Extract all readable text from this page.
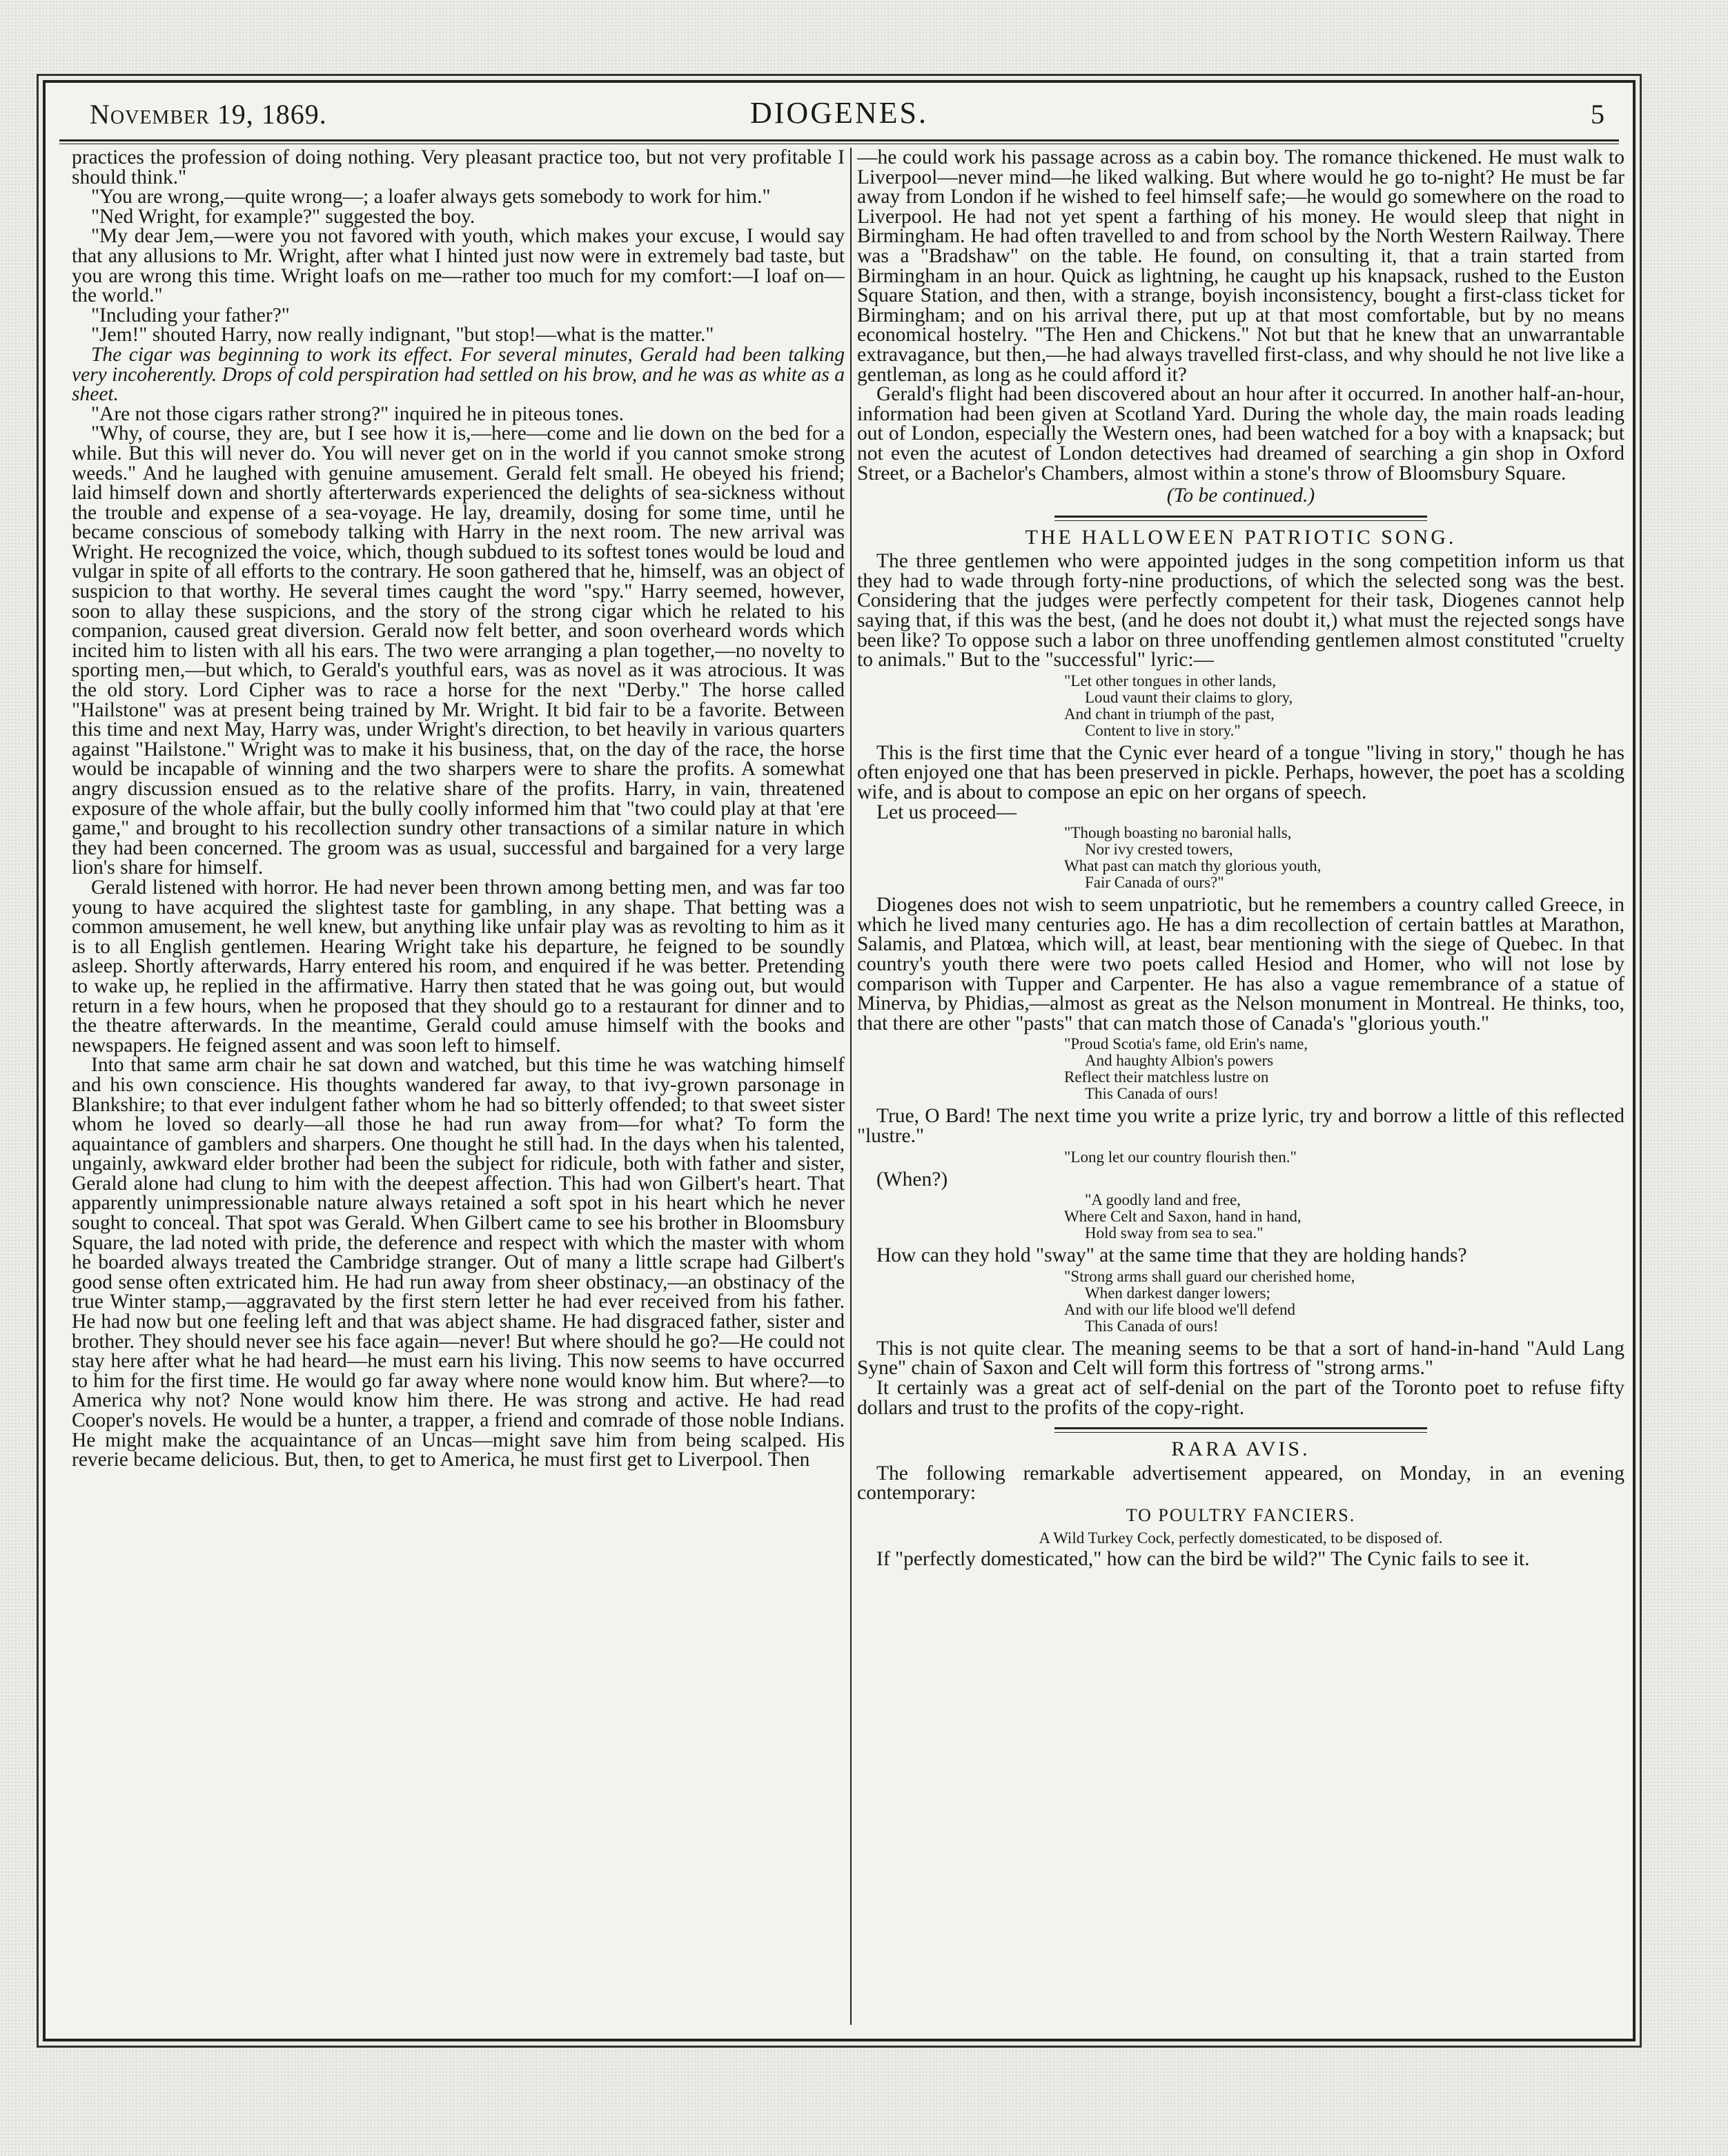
November 19, 1869.	DIOGENES.	5

practices the profession of doing nothing. Very pleasant practice too, but not very profitable I should think."

"You are wrong,—quite wrong—; a loafer always gets somebody to work for him."

"Ned Wright, for example?" suggested the boy.

"My dear Jem,—were you not favored with youth, which makes your excuse, I would say that any allusions to Mr. Wright, after what I hinted just now were in extremely bad taste, but you are wrong this time. Wright loafs on me—rather too much for my comfort:—I loaf on—the world."

"Including your father?"

"Jem!" shouted Harry, now really indignant, "but stop!—what is the matter."

The cigar was beginning to work its effect. For several minutes, Gerald had been talking very incoherently. Drops of cold perspiration had settled on his brow, and he was as white as a sheet.

"Are not those cigars rather strong?" inquired he in piteous tones.

"Why, of course, they are, but I see how it is,—here—come and lie down on the bed for a while. But this will never do. You will never get on in the world if you cannot smoke strong weeds." And he laughed with genuine amusement. Gerald felt small. He obeyed his friend; laid himself down and shortly afterterwards experienced the delights of sea-sickness without the trouble and expense of a sea-voyage. He lay, dreamily, dosing for some time, until he became conscious of somebody talking with Harry in the next room. The new arrival was Wright. He recognized the voice, which, though subdued to its softest tones would be loud and vulgar in spite of all efforts to the contrary. He soon gathered that he, himself, was an object of suspicion to that worthy. He several times caught the word "spy." Harry seemed, however, soon to allay these suspicions, and the story of the strong cigar which he related to his companion, caused great diversion. Gerald now felt better, and soon overheard words which incited him to listen with all his ears. The two were arranging a plan together,—no novelty to sporting men,—but which, to Gerald's youthful ears, was as novel as it was atrocious. It was the old story. Lord Cipher was to race a horse for the next "Derby." The horse called "Hailstone" was at present being trained by Mr. Wright. It bid fair to be a favorite. Between this time and next May, Harry was, under Wright's direction, to bet heavily in various quarters against "Hailstone." Wright was to make it his business, that, on the day of the race, the horse would be incapable of winning and the two sharpers were to share the profits. A somewhat angry discussion ensued as to the relative share of the profits. Harry, in vain, threatened exposure of the whole affair, but the bully coolly informed him that "two could play at that 'ere game," and brought to his recollection sundry other transactions of a similar nature in which they had been concerned. The groom was as usual, successful and bargained for a very large lion's share for himself.

Gerald listened with horror. He had never been thrown among betting men, and was far too young to have acquired the slightest taste for gambling, in any shape. That betting was a common amusement, he well knew, but anything like unfair play was as revolting to him as it is to all English gentlemen. Hearing Wright take his departure, he feigned to be soundly asleep. Shortly afterwards, Harry entered his room, and enquired if he was better. Pretending to wake up, he replied in the affirmative. Harry then stated that he was going out, but would return in a few hours, when he proposed that they should go to a restaurant for dinner and to the theatre afterwards. In the meantime, Gerald could amuse himself with the books and newspapers. He feigned assent and was soon left to himself.

Into that same arm chair he sat down and watched, but this time he was watching himself and his own conscience. His thoughts wandered far away, to that ivy-grown parsonage in Blankshire; to that ever indulgent father whom he had so bitterly offended; to that sweet sister whom he loved so dearly—all those he had run away from—for what? To form the aquaintance of gamblers and sharpers. One thought he still had. In the days when his talented, ungainly, awkward elder brother had been the subject for ridicule, both with father and sister, Gerald alone had clung to him with the deepest affection. This had won Gilbert's heart. That apparently unimpressionable nature always retained a soft spot in his heart which he never sought to conceal. That spot was Gerald. When Gilbert came to see his brother in Bloomsbury Square, the lad noted with pride, the deference and respect with which the master with whom he boarded always treated the Cambridge stranger. Out of many a little scrape had Gilbert's good sense often extricated him. He had run away from sheer obstinacy,—an obstinacy of the true Winter stamp,—aggravated by the first stern letter he had ever received from his father. He had now but one feeling left and that was abject shame. He had disgraced father, sister and brother. They should never see his face again—never! But where should he go?—He could not stay here after what he had heard—he must earn his living. This now seems to have occurred to him for the first time. He would go far away where none would know him. But where?—to America why not? None would know him there. He was strong and active. He had read Cooper's novels. He would be a hunter, a trapper, a friend and comrade of those noble Indians. He might make the acquaintance of an Uncas—might save him from being scalped. His reverie became delicious. But, then, to get to America, he must first get to Liverpool. Then

—he could work his passage across as a cabin boy. The romance thickened. He must walk to Liverpool—never mind—he liked walking. But where would he go to-night? He must be far away from London if he wished to feel himself safe;—he would go somewhere on the road to Liverpool. He had not yet spent a farthing of his money. He would sleep that night in Birmingham. He had often travelled to and from school by the North Western Railway. There was a "Bradshaw" on the table. He found, on consulting it, that a train started from Birmingham in an hour. Quick as lightning, he caught up his knapsack, rushed to the Euston Square Station, and then, with a strange, boyish inconsistency, bought a first-class ticket for Birmingham; and on his arrival there, put up at that most comfortable, but by no means economical hostelry. "The Hen and Chickens." Not but that he knew that an unwarrantable extravagance, but then,—he had always travelled first-class, and why should he not live like a gentleman, as long as he could afford it?

Gerald's flight had been discovered about an hour after it occurred. In another half-an-hour, information had been given at Scotland Yard. During the whole day, the main roads leading out of London, especially the Western ones, had been watched for a boy with a knapsack; but not even the acutest of London detectives had dreamed of searching a gin shop in Oxford Street, or a Bachelor's Chambers, almost within a stone's throw of Bloomsbury Square.

(To be continued.)

THE HALLOWEEN PATRIOTIC SONG.

The three gentlemen who were appointed judges in the song competition inform us that they had to wade through forty-nine productions, of which the selected song was the best. Considering that the judges were perfectly competent for their task, Diogenes cannot help saying that, if this was the best, (and he does not doubt it,) what must the rejected songs have been like? To oppose such a labor on three unoffending gentlemen almost constituted "cruelty to animals." But to the "successful" lyric:—

"Let other tongues in other lands,
Loud vaunt their claims to glory,
And chant in triumph of the past,
Content to live in story."

This is the first time that the Cynic ever heard of a tongue "living in story," though he has often enjoyed one that has been preserved in pickle. Perhaps, however, the poet has a scolding wife, and is about to compose an epic on her organs of speech.

Let us proceed—

"Though boasting no baronial halls,
Nor ivy crested towers,
What past can match thy glorious youth,
Fair Canada of ours?"

Diogenes does not wish to seem unpatriotic, but he remembers a country called Greece, in which he lived many centuries ago. He has a dim recollection of certain battles at Marathon, Salamis, and Platœa, which will, at least, bear mentioning with the siege of Quebec. In that country's youth there were two poets called Hesiod and Homer, who will not lose by comparison with Tupper and Carpenter. He has also a vague remembrance of a statue of Minerva, by Phidias,—almost as great as the Nelson monument in Montreal. He thinks, too, that there are other "pasts" that can match those of Canada's "glorious youth."

"Proud Scotia's fame, old Erin's name,
And haughty Albion's powers
Reflect their matchless lustre on
This Canada of ours!

True, O Bard! The next time you write a prize lyric, try and borrow a little of this reflected "lustre."

"Long let our country flourish then."

(When?)

"A goodly land and free,
Where Celt and Saxon, hand in hand,
Hold sway from sea to sea."

How can they hold "sway" at the same time that they are holding hands?

"Strong arms shall guard our cherished home,
When darkest danger lowers;
And with our life blood we'll defend
This Canada of ours!

This is not quite clear. The meaning seems to be that a sort of hand-in-hand "Auld Lang Syne" chain of Saxon and Celt will form this fortress of "strong arms."

It certainly was a great act of self-denial on the part of the Toronto poet to refuse fifty dollars and trust to the profits of the copy-right.

RARA AVIS.

The following remarkable advertisement appeared, on Monday, in an evening contemporary:

TO POULTRY FANCIERS.
A Wild Turkey Cock, perfectly domesticated, to be disposed of.

If "perfectly domesticated," how can the bird be wild?" The Cynic fails to see it.
